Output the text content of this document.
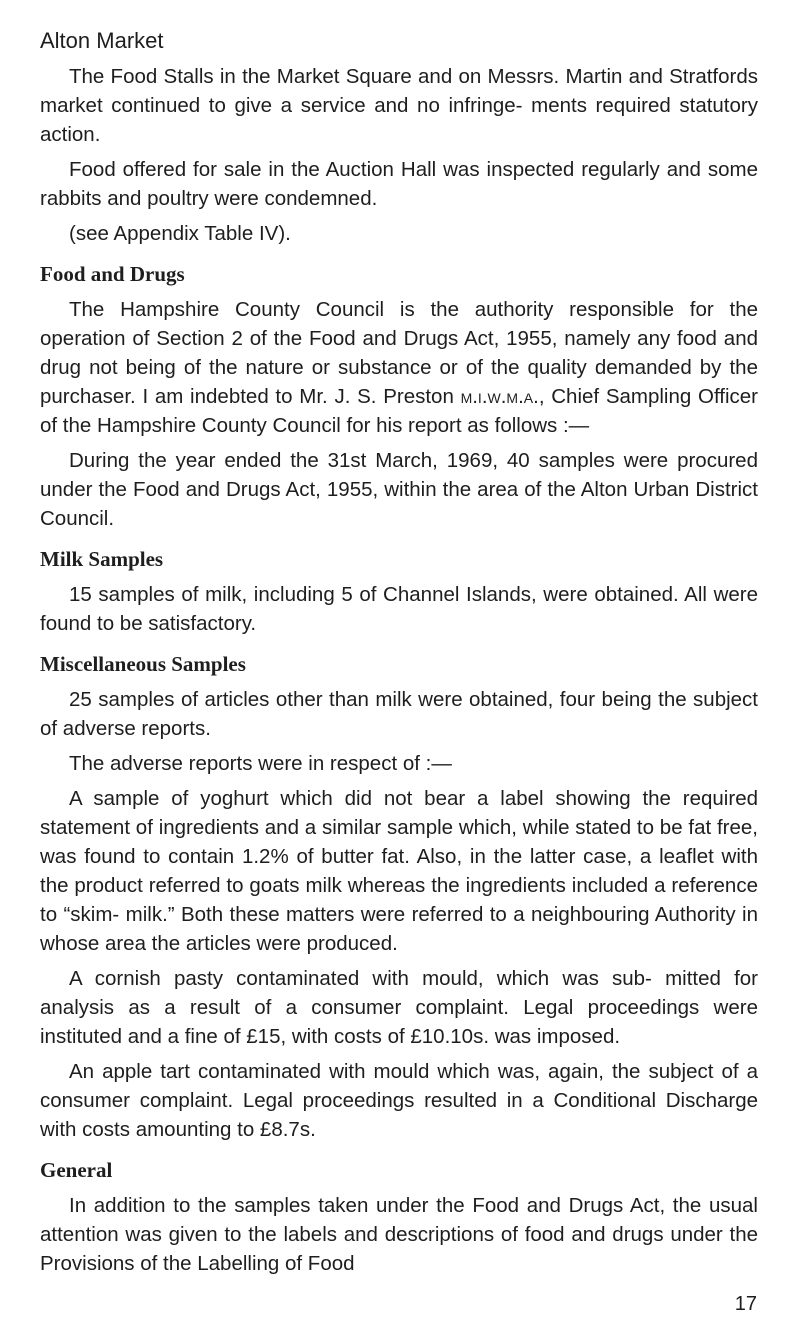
Alton Market

The Food Stalls in the Market Square and on Messrs. Martin and Stratfords market continued to give a service and no infringe- ments required statutory action.

Food offered for sale in the Auction Hall was inspected regularly and some rabbits and poultry were condemned.

(see Appendix Table IV).

Food and Drugs

The Hampshire County Council is the authority responsible for the operation of Section 2 of the Food and Drugs Act, 1955, namely any food and drug not being of the nature or substance or of the quality demanded by the purchaser. I am indebted to Mr. J. S. Preston m.i.w.m.a., Chief Sampling Officer of the Hampshire County Council for his report as follows :—

During the year ended the 31st March, 1969, 40 samples were procured under the Food and Drugs Act, 1955, within the area of the Alton Urban District Council.

Milk Samples

15 samples of milk, including 5 of Channel Islands, were obtained. All were found to be satisfactory.

Miscellaneous Samples

25 samples of articles other than milk were obtained, four being the subject of adverse reports.

The adverse reports were in respect of :—

A sample of yoghurt which did not bear a label showing the required statement of ingredients and a similar sample which, while stated to be fat free, was found to contain 1.2% of butter fat. Also, in the latter case, a leaflet with the product referred to goats milk whereas the ingredients included a reference to “skim- milk.” Both these matters were referred to a neighbouring Authority in whose area the articles were produced.

A cornish pasty contaminated with mould, which was sub- mitted for analysis as a result of a consumer complaint. Legal proceedings were instituted and a fine of £15, with costs of £10.10s. was imposed.

An apple tart contaminated with mould which was, again, the subject of a consumer complaint. Legal proceedings resulted in a Conditional Discharge with costs amounting to £8.7s.

General

In addition to the samples taken under the Food and Drugs Act, the usual attention was given to the labels and descriptions of food and drugs under the Provisions of the Labelling of Food

17
